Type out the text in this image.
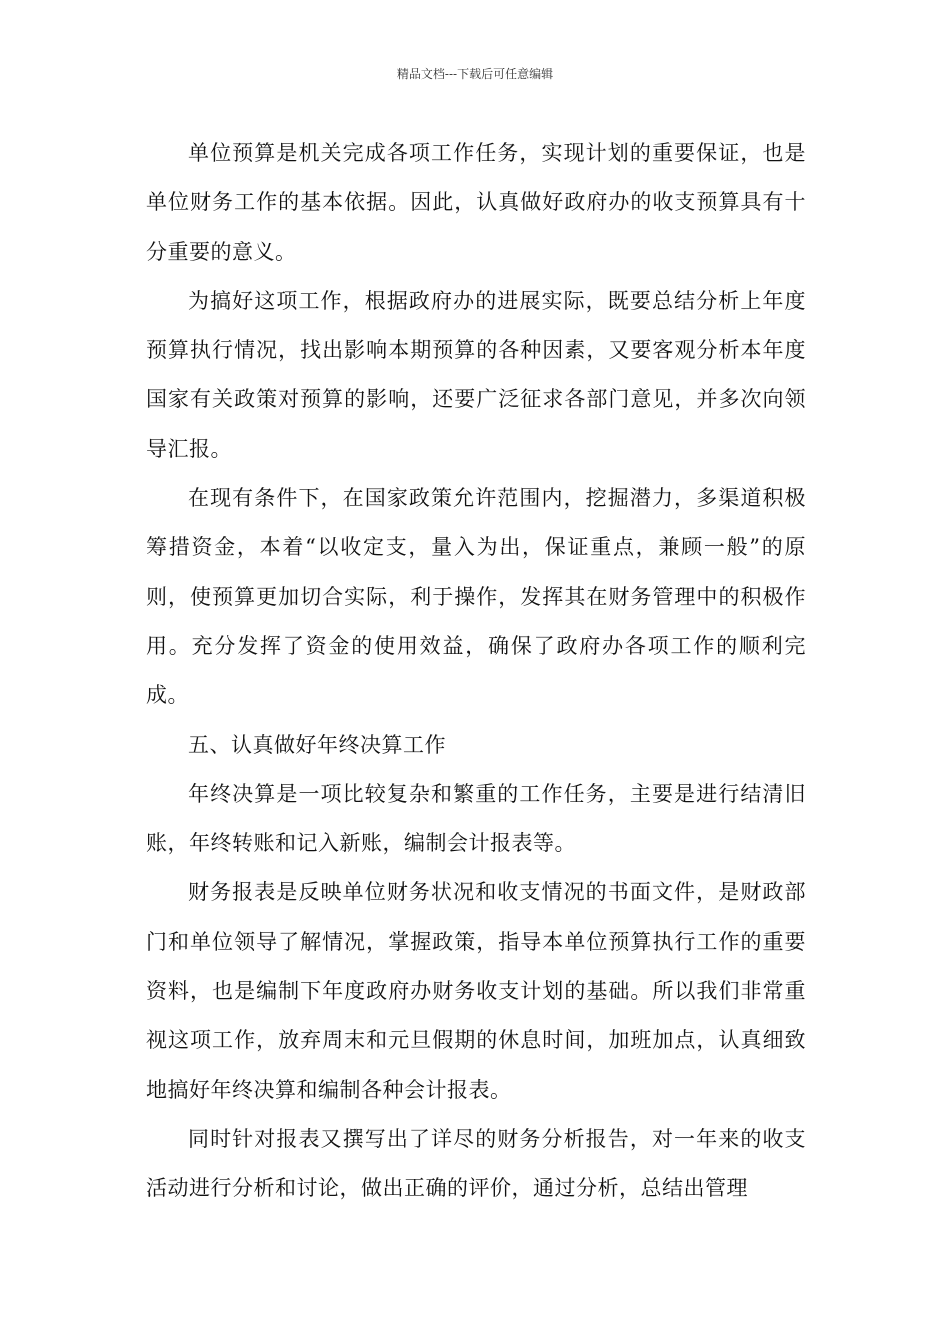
精品文档---下载后可任意编辑

单位预算是机关完成各项工作任务，实现计划的重要保证，也是单位财务工作的基本依据。因此，认真做好政府办的收支预算具有十分重要的意义。

为搞好这项工作，根据政府办的进展实际，既要总结分析上年度预算执行情况，找出影响本期预算的各种因素，又要客观分析本年度国家有关政策对预算的影响，还要广泛征求各部门意见，并多次向领导汇报。

在现有条件下，在国家政策允许范围内，挖掘潜力，多渠道积极筹措资金，本着“以收定支，量入为出，保证重点，兼顾一般”的原则，使预算更加切合实际，利于操作，发挥其在财务管理中的积极作用。充分发挥了资金的使用效益，确保了政府办各项工作的顺利完成。

五、认真做好年终决算工作

年终决算是一项比较复杂和繁重的工作任务，主要是进行结清旧账，年终转账和记入新账，编制会计报表等。

财务报表是反映单位财务状况和收支情况的书面文件，是财政部门和单位领导了解情况，掌握政策，指导本单位预算执行工作的重要资料，也是编制下年度政府办财务收支计划的基础。所以我们非常重视这项工作，放弃周末和元旦假期的休息时间，加班加点，认真细致地搞好年终决算和编制各种会计报表。

同时针对报表又撰写出了详尽的财务分析报告，对一年来的收支活动进行分析和讨论，做出正确的评价，通过分析，总结出管理
